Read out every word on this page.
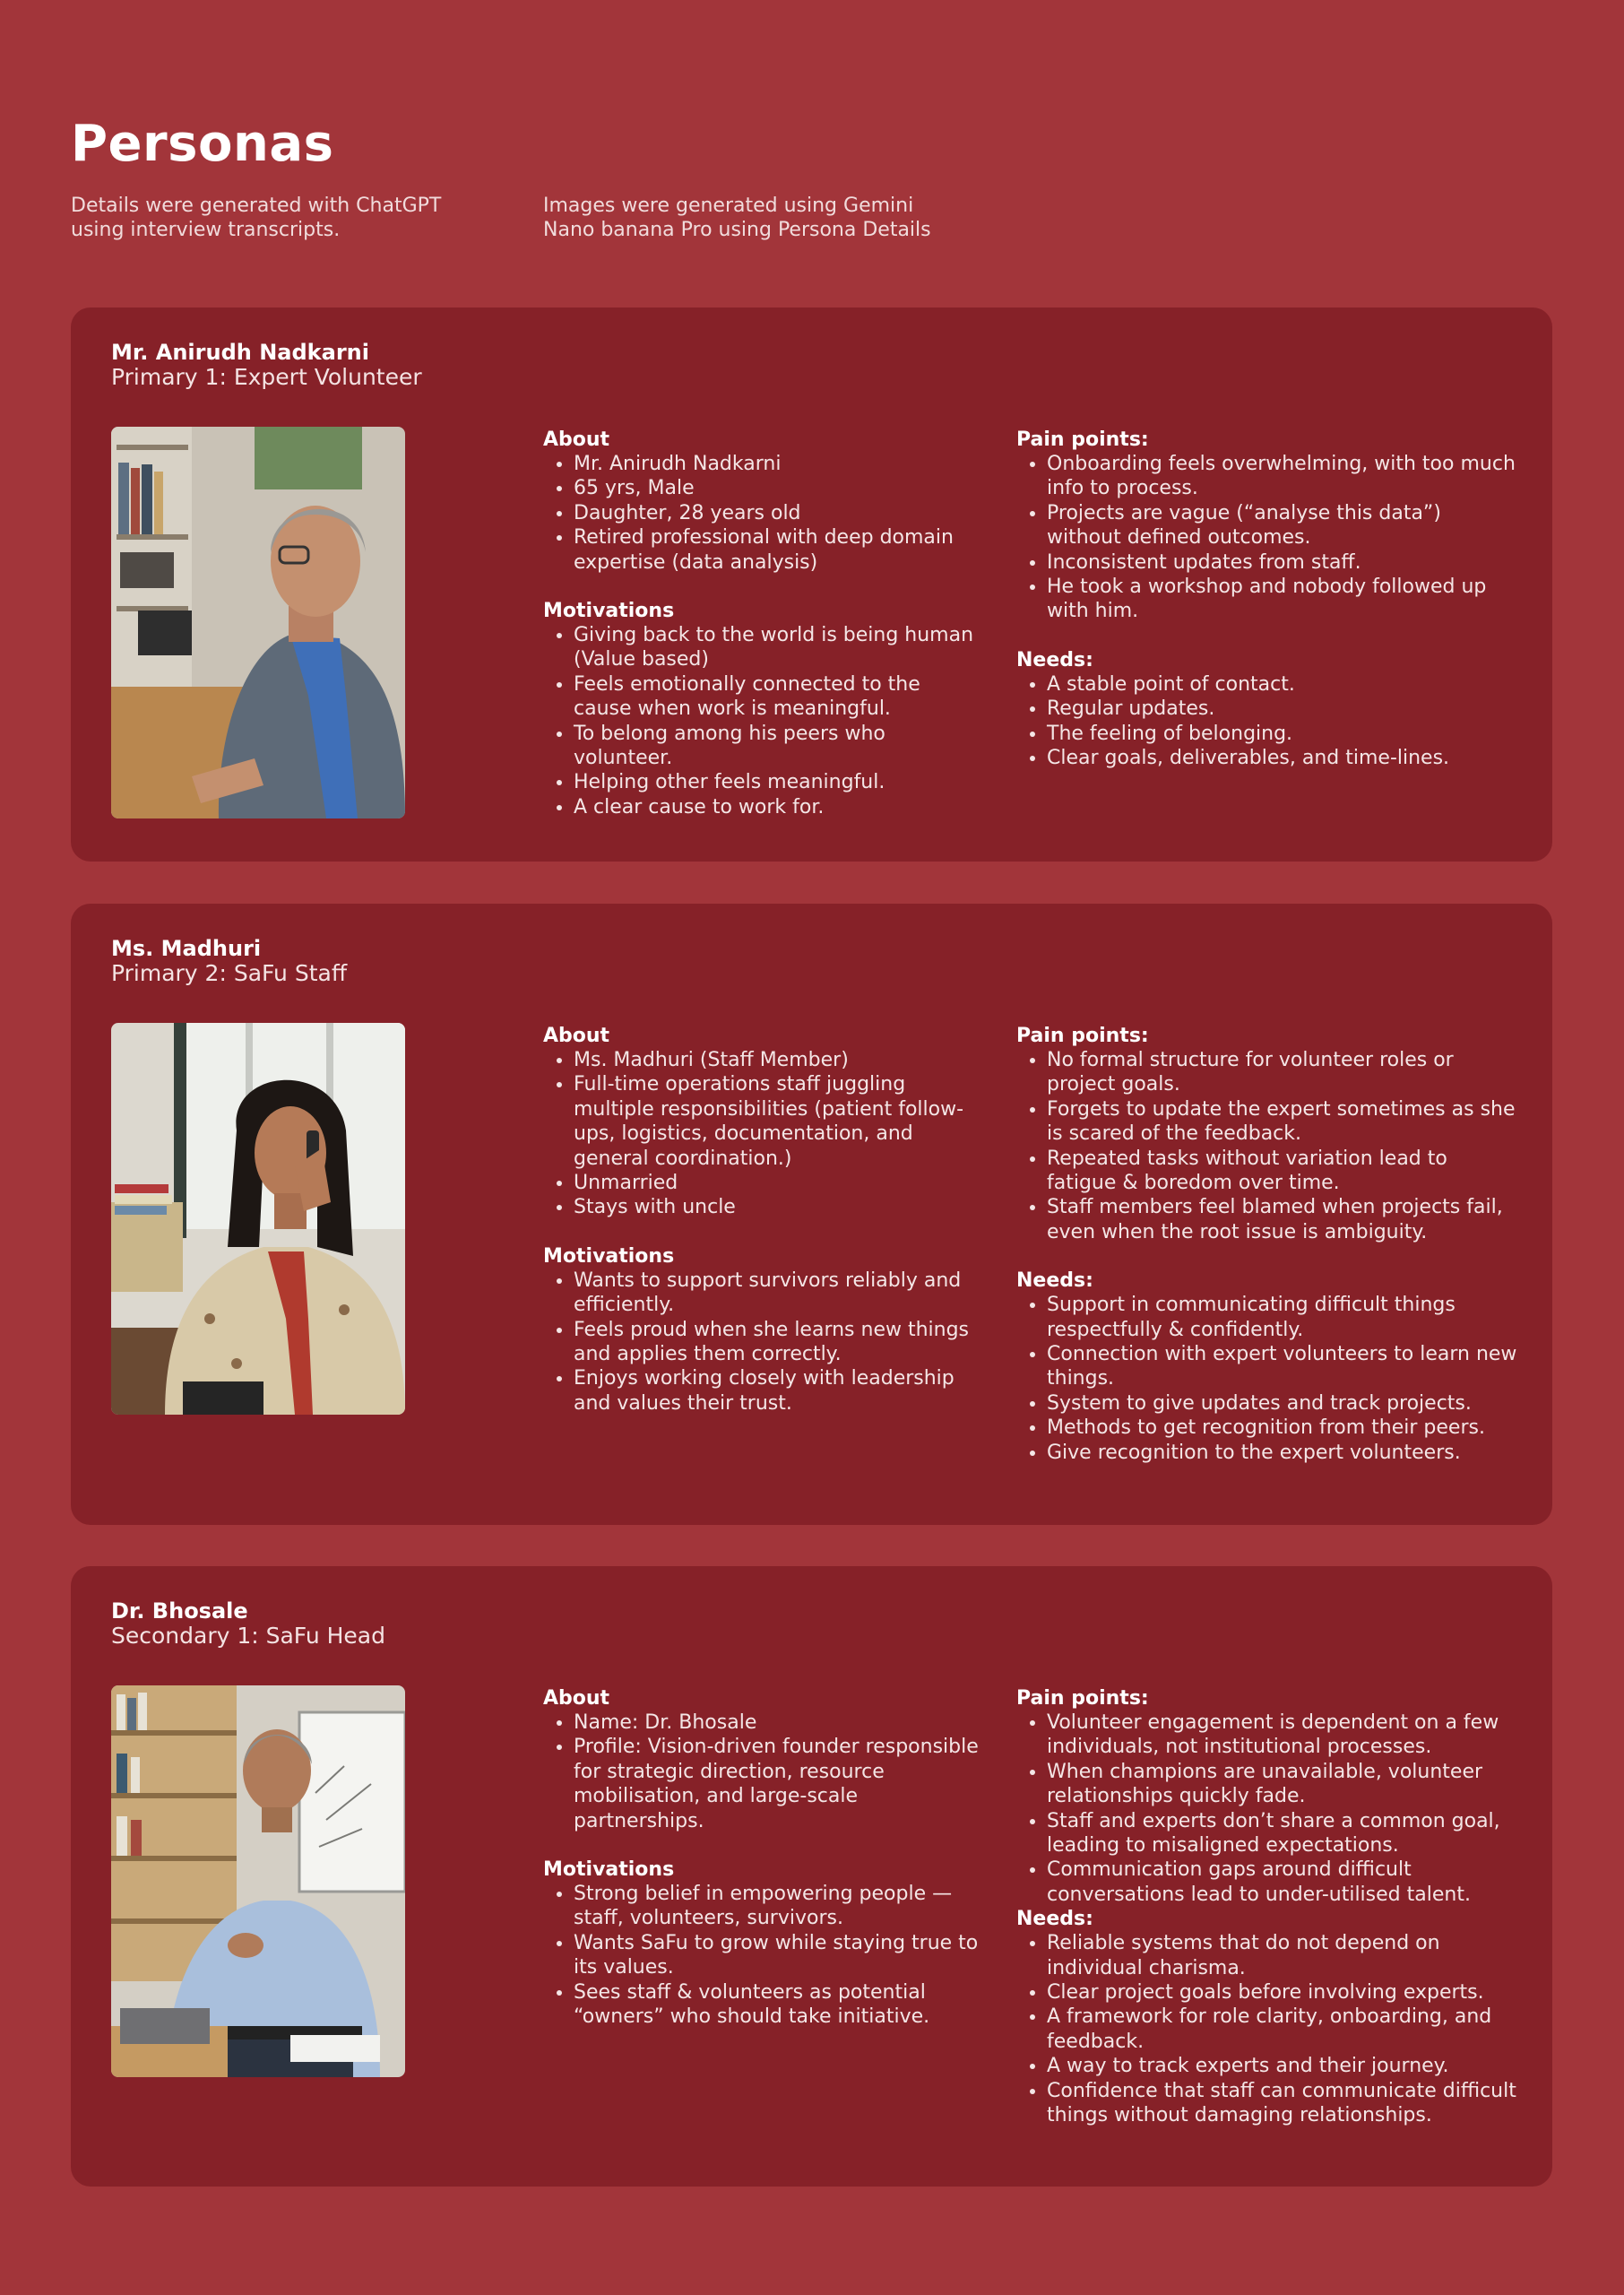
Personas
Details were generated with ChatGPT using interview transcripts.
Images were generated using Gemini Nano banana Pro using Persona Details
Mr. Anirudh Nadkarni
Primary 1: Expert Volunteer
About
• Mr. Anirudh Nadkarni
• 65 yrs, Male
• Daughter, 28 years old
• Retired professional with deep domain expertise (data analysis)
Motivations
• Giving back to the world is being human (Value based)
• Feels emotionally connected to the cause when work is meaningful.
• To belong among his peers who volunteer.
• Helping other feels meaningful.
• A clear cause to work for.
Pain points:
• Onboarding feels overwhelming, with too much info to process.
• Projects are vague (“analyse this data”) without defined outcomes.
• Inconsistent updates from staff.
• He took a workshop and nobody followed up with him.
Needs:
• A stable point of contact.
• Regular updates.
• The feeling of belonging.
• Clear goals, deliverables, and time-lines.
Ms. Madhuri
Primary 2: SaFu Staff
About
• Ms. Madhuri (Staff Member)
• Full-time operations staff juggling multiple responsibilities (patient follow-ups, logistics, documentation, and general coordination.)
• Unmarried
• Stays with uncle
Motivations
• Wants to support survivors reliably and efficiently.
• Feels proud when she learns new things and applies them correctly.
• Enjoys working closely with leadership and values their trust.
Pain points:
• No formal structure for volunteer roles or project goals.
• Forgets to update the expert sometimes as she is scared of the feedback.
• Repeated tasks without variation lead to fatigue & boredom over time.
• Staff members feel blamed when projects fail, even when the root issue is ambiguity.
Needs:
• Support in communicating difficult things respectfully & confidently.
• Connection with expert volunteers to learn new things.
• System to give updates and track projects.
• Methods to get recognition from their peers.
• Give recognition to the expert volunteers.
Dr. Bhosale
Secondary 1: SaFu Head
About
• Name: Dr. Bhosale
• Profile: Vision-driven founder responsible for strategic direction, resource mobilisation, and large-scale partnerships.
Motivations
• Strong belief in empowering people — staff, volunteers, survivors.
• Wants SaFu to grow while staying true to its values.
• Sees staff & volunteers as potential “owners” who should take initiative.
Pain points:
• Volunteer engagement is dependent on a few individuals, not institutional processes.
• When champions are unavailable, volunteer relationships quickly fade.
• Staff and experts don’t share a common goal, leading to misaligned expectations.
• Communication gaps around difficult conversations lead to under-utilised talent.
Needs:
• Reliable systems that do not depend on individual charisma.
• Clear project goals before involving experts.
• A framework for role clarity, onboarding, and feedback.
• A way to track experts and their journey.
• Confidence that staff can communicate difficult things without damaging relationships.
